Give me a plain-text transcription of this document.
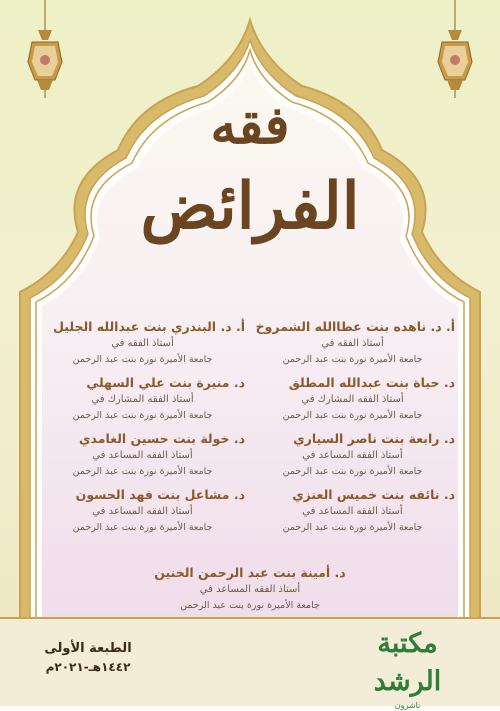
فقه
الفرائض
أ. د. ناهده بنت عطاالله الشمروخ
أستاذ الفقه في
جامعة الأميرة نورة بنت عبد الرحمن
د. حياة بنت عبدالله المطلق
أستاذ الفقه المشارك في
جامعة الأميرة نورة بنت عبد الرحمن
د. رابعة بنت ناصر السياري
أستاذ الفقه المساعد في
جامعة الأميرة نورة بنت عبد الرحمن
د. نائفه بنت خميس العنزي
أستاذ الفقه المساعد في
جامعة الأميرة نورة بنت عبد الرحمن
أ. د. البندري بنت عبدالله الجليل
أستاذ الفقه في
جامعة الأميرة نورة بنت عبد الرحمن
د. منيرة بنت علي السهلي
أستاذ الفقه المشارك في
جامعة الأميرة نورة بنت عبد الرحمن
د. خولة بنت حسين الغامدي
أستاذ الفقه المساعد في
جامعة الأميرة نورة بنت عبد الرحمن
د. مشاعل بنت فهد الحسون
أستاذ الفقه المساعد في
جامعة الأميرة نورة بنت عبد الرحمن
د. أمينة بنت عبد الرحمن الخنين
أستاذ الفقه المساعد في
جامعة الأميرة نورة بنت عبد الرحمن
الطبعة الأولى
١٤٤٢هـ-٢٠٢١م
مكتبة الرشد
ناشرون
